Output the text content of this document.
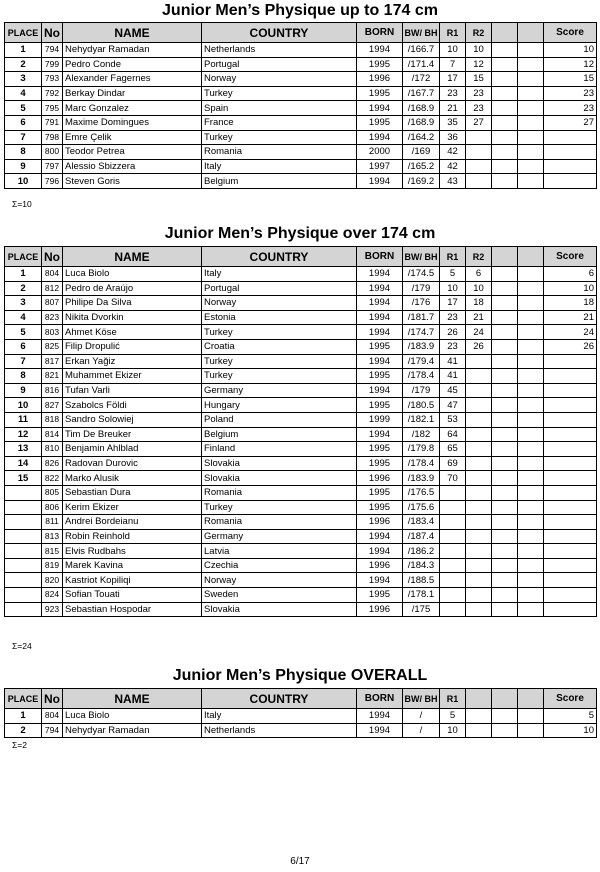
Junior Men’s Physique up to 174 cm
PLACE	No	NAME	COUNTRY	BORN	BW/ BH	R1	R2			Score
1	794	Nehydyar Ramadan	Netherlands	1994	/166.7	10	10			10
2	799	Pedro Conde	Portugal	1995	/171.4	7	12			12
3	793	Alexander Fagernes	Norway	1996	/172	17	15			15
4	792	Berkay Dindar	Turkey	1995	/167.7	23	23			23
5	795	Marc Gonzalez	Spain	1994	/168.9	21	23			23
6	791	Maxime Domingues	France	1995	/168.9	35	27			27
7	798	Emre Çelik	Turkey	1994	/164.2	36				
8	800	Teodor Petrea	Romania	2000	/169	42				
9	797	Alessio Sbizzera	Italy	1997	/165.2	42				
10	796	Steven Goris	Belgium	1994	/169.2	43				
Σ=10
Junior Men’s Physique over 174 cm
PLACE	No	NAME	COUNTRY	BORN	BW/ BH	R1	R2			Score
1	804	Luca Biolo	Italy	1994	/174.5	5	6			6
2	812	Pedro de Araújo	Portugal	1994	/179	10	10			10
3	807	Philipe Da Silva	Norway	1994	/176	17	18			18
4	823	Nikita Dvorkin	Estonia	1994	/181.7	23	21			21
5	803	Ahmet Köse	Turkey	1994	/174.7	26	24			24
6	825	Filip Dropulić	Croatia	1995	/183.9	23	26			26
7	817	Erkan Yağiz	Turkey	1994	/179.4	41				
8	821	Muhammet Ekizer	Turkey	1995	/178.4	41				
9	816	Tufan Varli	Germany	1994	/179	45				
10	827	Szabolcs Földi	Hungary	1995	/180.5	47				
11	818	Sandro Solowiej	Poland	1999	/182.1	53				
12	814	Tim De Breuker	Belgium	1994	/182	64				
13	810	Benjamin Ahlblad	Finland	1995	/179.8	65				
14	826	Radovan Durovic	Slovakia	1995	/178.4	69				
15	822	Marko Alusik	Slovakia	1996	/183.9	70				
	805	Sebastian Dura	Romania	1995	/176.5					
	806	Kerim Ekizer	Turkey	1995	/175.6					
	811	Andrei Bordeianu	Romania	1996	/183.4					
	813	Robin Reinhold	Germany	1994	/187.4					
	815	Elvis Rudbahs	Latvia	1994	/186.2					
	819	Marek Kavina	Czechia	1996	/184.3					
	820	Kastriot Kopiliqi	Norway	1994	/188.5					
	824	Sofian Touati	Sweden	1995	/178.1					
	923	Sebastian Hospodar	Slovakia	1996	/175					
Σ=24
Junior Men’s Physique OVERALL
PLACE	No	NAME	COUNTRY	BORN	BW/ BH	R1				Score
1	804	Luca Biolo	Italy	1994	/	5				5
2	794	Nehydyar Ramadan	Netherlands	1994	/	10				10
Σ=2
6/17
